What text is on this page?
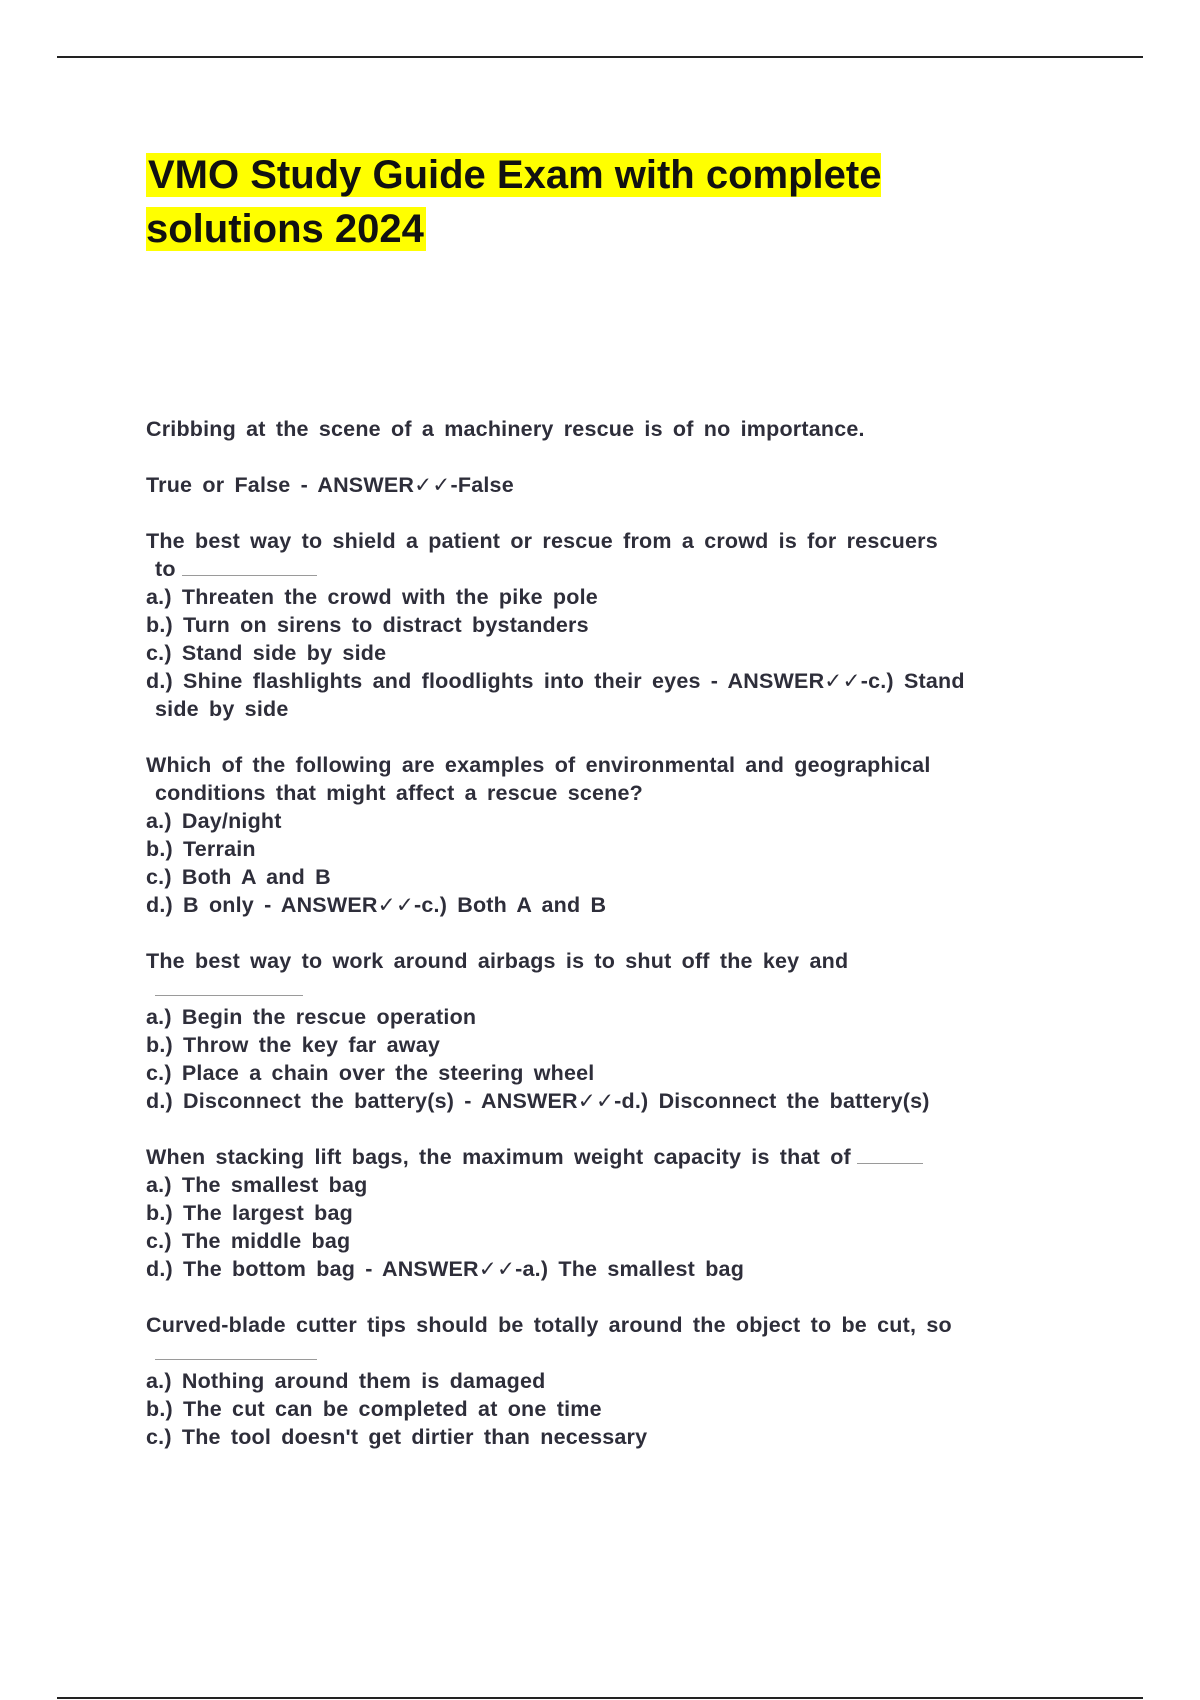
VMO Study Guide Exam with complete solutions 2024

Cribbing at the scene of a machinery rescue is of no importance.

True or False - ANSWER✓✓-False

The best way to shield a patient or rescue from a crowd is for rescuers

to

a.) Threaten the crowd with the pike pole

b.) Turn on sirens to distract bystanders

c.) Stand side by side

d.) Shine flashlights and floodlights into their eyes - ANSWER✓✓-c.) Stand

side by side

Which of the following are examples of environmental and geographical

conditions that might affect a rescue scene?

a.) Day/night

b.) Terrain

c.) Both A and B

d.) B only - ANSWER✓✓-c.) Both A and B

The best way to work around airbags is to shut off the key and

a.) Begin the rescue operation

b.) Throw the key far away

c.) Place a chain over the steering wheel

d.) Disconnect the battery(s) - ANSWER✓✓-d.) Disconnect the battery(s)

When stacking lift bags, the maximum weight capacity is that of

a.) The smallest bag

b.) The largest bag

c.) The middle bag

d.) The bottom bag - ANSWER✓✓-a.) The smallest bag

Curved-blade cutter tips should be totally around the object to be cut, so

a.) Nothing around them is damaged

b.) The cut can be completed at one time

c.) The tool doesn't get dirtier than necessary
